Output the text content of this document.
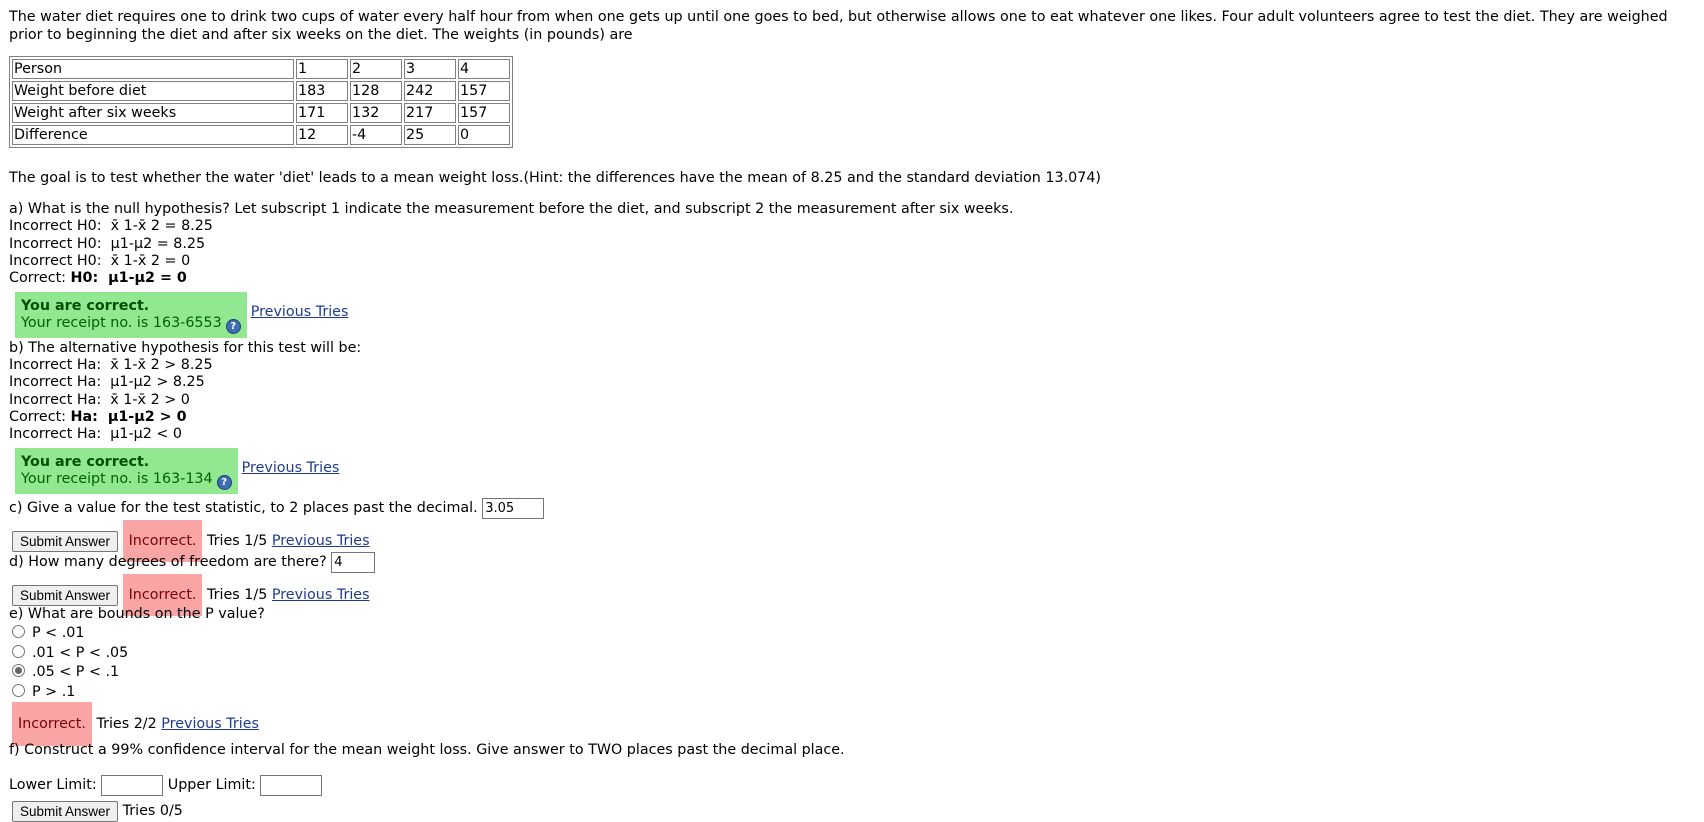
The water diet requires one to drink two cups of water every half hour from when one gets up until one goes to bed, but otherwise allows one to eat whatever one likes. Four adult volunteers agree to test the diet. They are weighed prior to beginning the diet and after six weeks on the diet. The weights (in pounds) are

Person	1	2	3	4
Weight before diet	183	128	242	157
Weight after six weeks	171	132	217	157
Difference	12	-4	25	0

The goal is to test whether the water 'diet' leads to a mean weight loss.(Hint: the differences have the mean of 8.25 and the standard deviation 13.074)

a) What is the null hypothesis? Let subscript 1 indicate the measurement before the diet, and subscript 2 the measurement after six weeks.
Incorrect H0:  x̄ 1-x̄ 2 = 8.25
Incorrect H0:  μ1-μ2 = 8.25
Incorrect H0:  x̄ 1-x̄ 2 = 0
Correct: H0:  μ1-μ2 = 0
You are correct.
Your receipt no. is 163-6553 ?
Previous Tries
b) The alternative hypothesis for this test will be:
Incorrect Ha:  x̄ 1-x̄ 2 > 8.25
Incorrect Ha:  μ1-μ2 > 8.25
Incorrect Ha:  x̄ 1-x̄ 2 > 0
Correct: Ha:  μ1-μ2 > 0
Incorrect Ha:  μ1-μ2 < 0
You are correct.
Your receipt no. is 163-134 ?
Previous Tries
c) Give a value for the test statistic, to 2 places past the decimal. 3.05
Submit Answer Incorrect. Tries 1/5 Previous Tries
d) How many degrees of freedom are there? 4
Submit Answer Incorrect. Tries 1/5 Previous Tries
e) What are bounds on the P value?
P < .01
.01 < P < .05
.05 < P < .1
P > .1
Incorrect. Tries 2/2 Previous Tries
f) Construct a 99% confidence interval for the mean weight loss. Give answer to TWO places past the decimal place.
Lower Limit:	Upper Limit:
Submit Answer Tries 0/5
